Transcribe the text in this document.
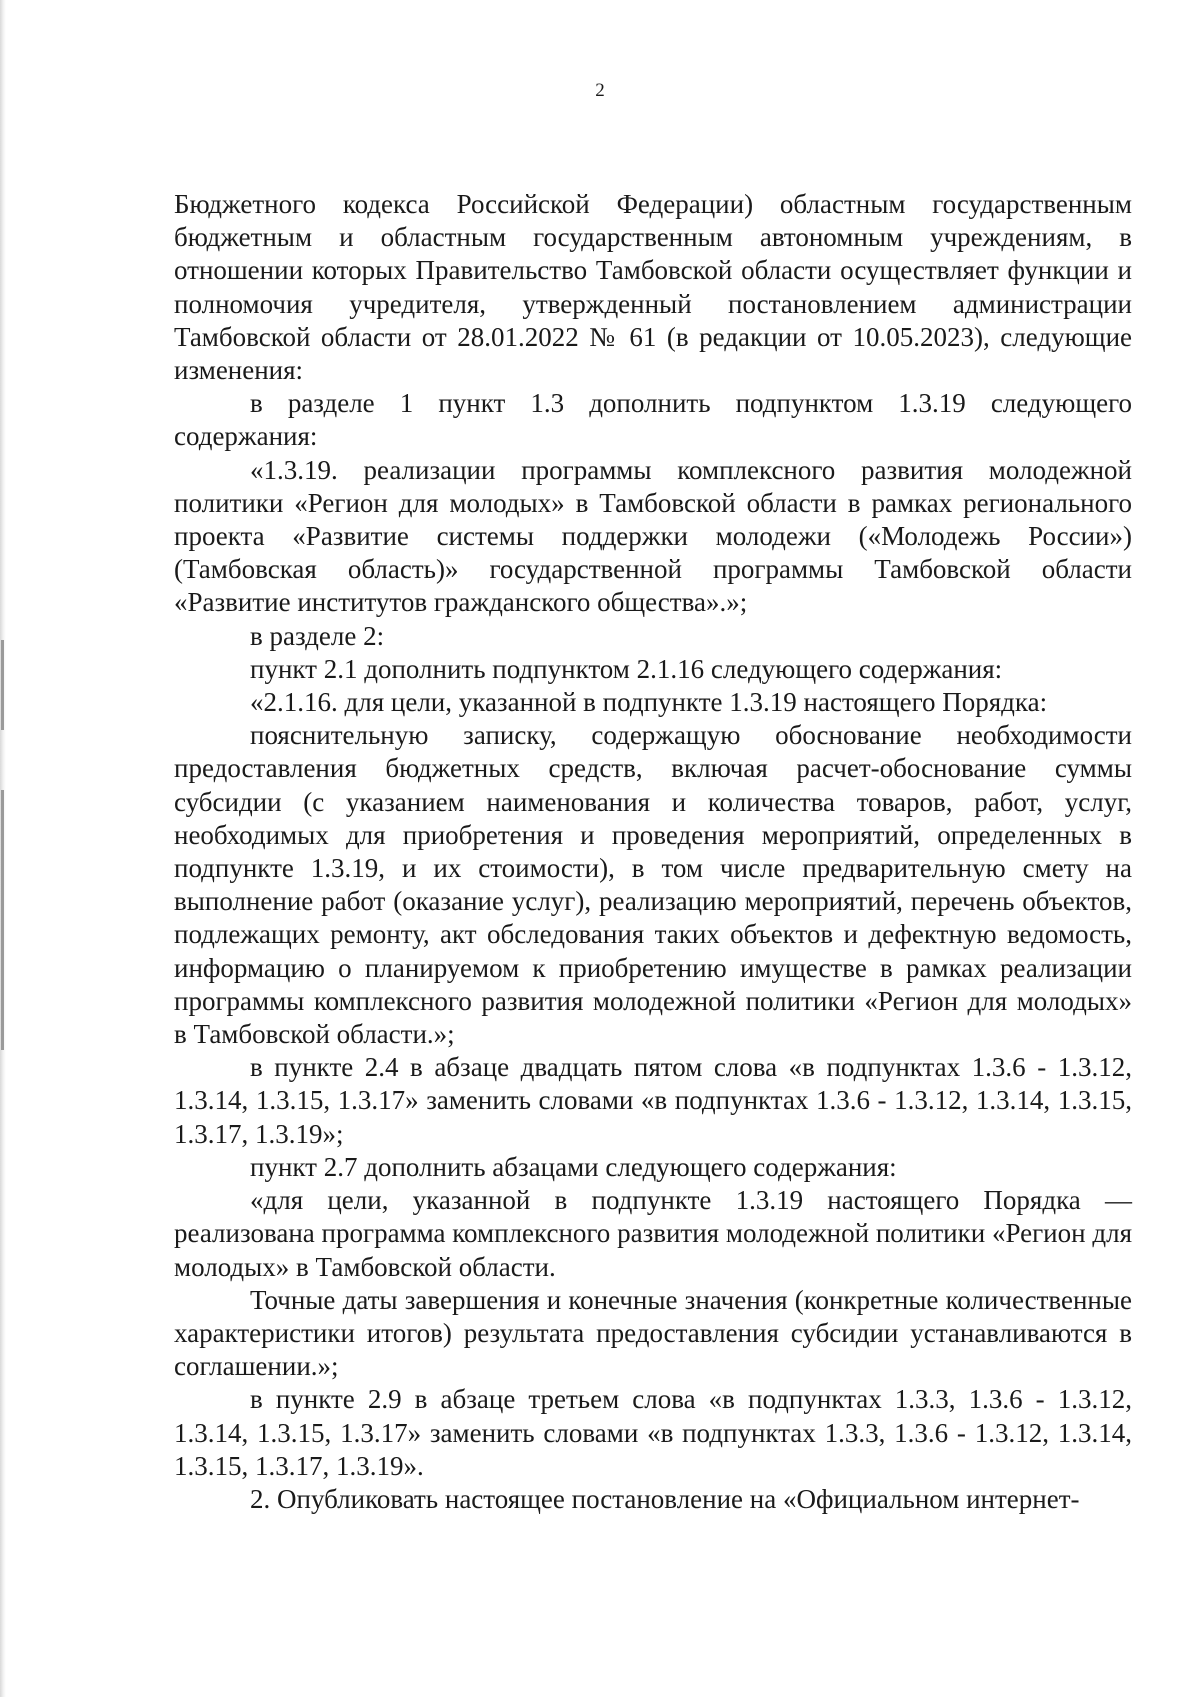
2

Бюджетного кодекса Российской Федерации) областным государственным бюджетным и областным государственным автономным учреждениям, в отношении которых Правительство Тамбовской области осуществляет функции и полномочия учредителя, утвержденный постановлением администрации Тамбовской области от 28.01.2022 № 61 (в редакции от 10.05.2023), следующие изменения:

в разделе 1 пункт 1.3 дополнить подпунктом 1.3.19 следующего содержания:

«1.3.19. реализации программы комплексного развития молодежной политики «Регион для молодых» в Тамбовской области в рамках регионального проекта «Развитие системы поддержки молодежи («Молодежь России») (Тамбовская область)» государственной программы Тамбовской области «Развитие институтов гражданского общества».»;

в разделе 2:

пункт 2.1 дополнить подпунктом 2.1.16 следующего содержания:

«2.1.16. для цели, указанной в подпункте 1.3.19 настоящего Порядка:

пояснительную записку, содержащую обоснование необходимости предоставления бюджетных средств, включая расчет-обоснование суммы субсидии (с указанием наименования и количества товаров, работ, услуг, необходимых для приобретения и проведения мероприятий, определенных в подпункте 1.3.19, и их стоимости), в том числе предварительную смету на выполнение работ (оказание услуг), реализацию мероприятий, перечень объектов, подлежащих ремонту, акт обследования таких объектов и дефектную ведомость, информацию о планируемом к приобретению имуществе в рамках реализации программы комплексного развития молодежной политики «Регион для молодых» в Тамбовской области.»;

в пункте 2.4 в абзаце двадцать пятом слова «в подпунктах 1.3.6 - 1.3.12, 1.3.14, 1.3.15, 1.3.17» заменить словами «в подпунктах 1.3.6 - 1.3.12, 1.3.14, 1.3.15, 1.3.17, 1.3.19»;

пункт 2.7 дополнить абзацами следующего содержания:

«для цели, указанной в подпункте 1.3.19 настоящего Порядка — реализована программа комплексного развития молодежной политики «Регион для молодых» в Тамбовской области.

Точные даты завершения и конечные значения (конкретные количественные характеристики итогов) результата предоставления субсидии устанавливаются в соглашении.»;

в пункте 2.9 в абзаце третьем слова «в подпунктах 1.3.3, 1.3.6 - 1.3.12, 1.3.14, 1.3.15, 1.3.17» заменить словами «в подпунктах 1.3.3, 1.3.6 - 1.3.12, 1.3.14, 1.3.15, 1.3.17, 1.3.19».

2. Опубликовать настоящее постановление на «Официальном интернет-
